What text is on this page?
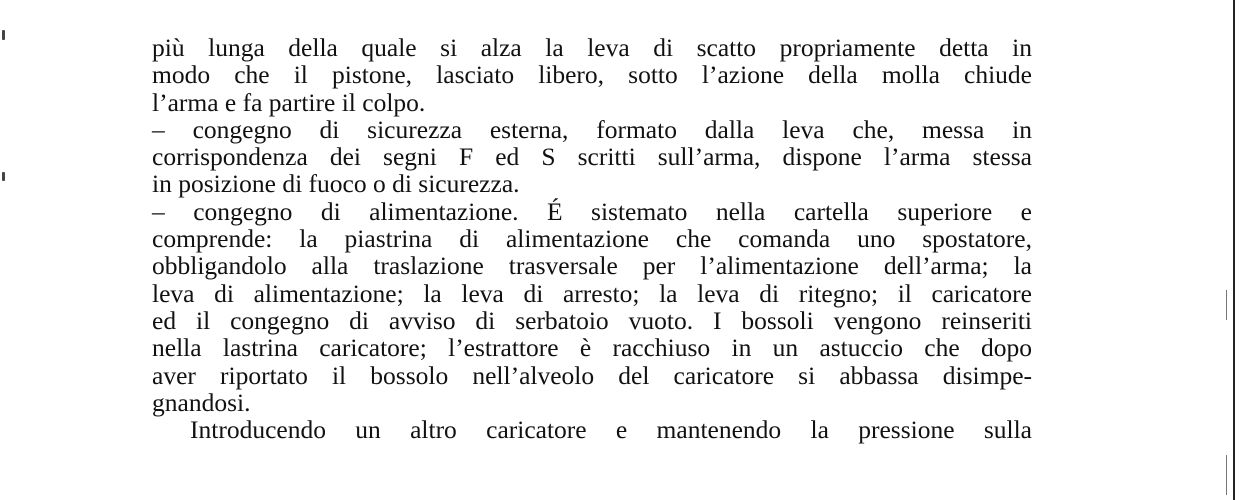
più lunga della quale si alza la leva di scatto propriamente detta in
modo che il pistone, lasciato libero, sotto l’azione della molla chiude
l’arma e fa partire il colpo.
– congegno di sicurezza esterna, formato dalla leva che, messa in
corrispondenza dei segni F ed S scritti sull’arma, dispone l’arma stessa
in posizione di fuoco o di sicurezza.
– congegno di alimentazione. É sistemato nella cartella superiore e
comprende: la piastrina di alimentazione che comanda uno spostatore,
obbligandolo alla traslazione trasversale per l’alimentazione dell’arma; la
leva di alimentazione; la leva di arresto; la leva di ritegno; il caricatore
ed il congegno di avviso di serbatoio vuoto. I bossoli vengono reinseriti
nella lastrina caricatore; l’estrattore è racchiuso in un astuccio che dopo
aver riportato il bossolo nell’alveolo del caricatore si abbassa disimpe-
gnandosi.
Introducendo un altro caricatore e mantenendo la pressione sulla
